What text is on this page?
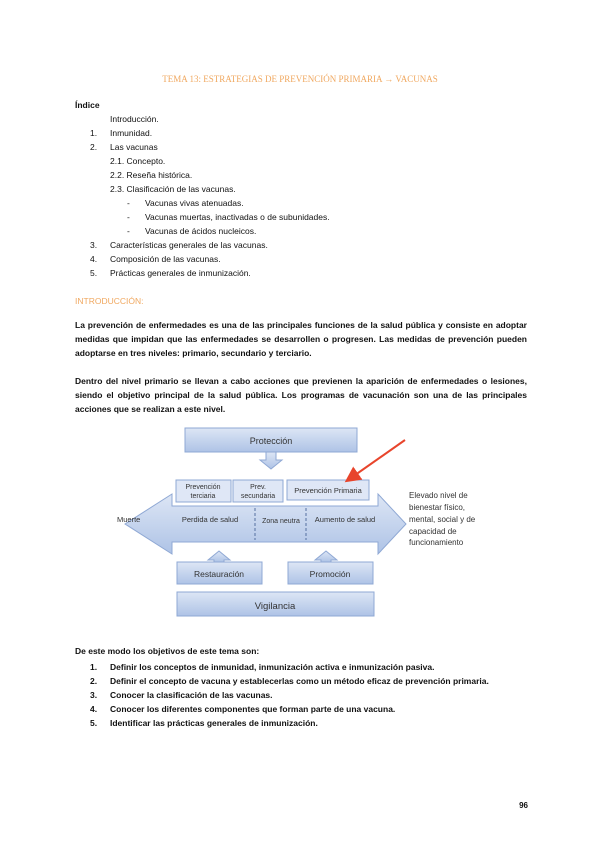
TEMA 13: ESTRATEGIAS DE PREVENCIÓN PRIMARIA → VACUNAS
Índice
Introducción.
1. Inmunidad.
2. Las vacunas
2.1. Concepto.
2.2. Reseña histórica.
2.3. Clasificación de las vacunas.
- Vacunas vivas atenuadas.
- Vacunas muertas, inactivadas o de subunidades.
- Vacunas de ácidos nucleicos.
3. Características generales de las vacunas.
4. Composición de las vacunas.
5. Prácticas generales de inmunización.
INTRODUCCIÓN:
La prevención de enfermedades es una de las principales funciones de la salud pública y consiste en adoptar medidas que impidan que las enfermedades se desarrollen o progresen. Las medidas de prevención pueden adoptarse en tres niveles: primario, secundario y terciario.
Dentro del nivel primario se llevan a cabo acciones que previenen la aparición de enfermedades o lesiones, siendo el objetivo principal de la salud pública. Los programas de vacunación son una de las principales acciones que se realizan a este nivel.
Protección
Prevención
terciaria
Prev.
secundaria
Prevención Primaria
Muerte	Perdida de salud	Zona neutra Aumento de salud
Elevado nivel de
bienestar físico,
mental, social y de
capacidad de
funcionamiento
Restauración	Promoción
Vigilancia
De este modo los objetivos de este tema son:
1. Definir los conceptos de inmunidad, inmunización activa e inmunización pasiva.
2. Definir el concepto de vacuna y establecerlas como un método eficaz de prevención primaria.
3. Conocer la clasificación de las vacunas.
4. Conocer los diferentes componentes que forman parte de una vacuna.
5. Identificar las prácticas generales de inmunización.
96
